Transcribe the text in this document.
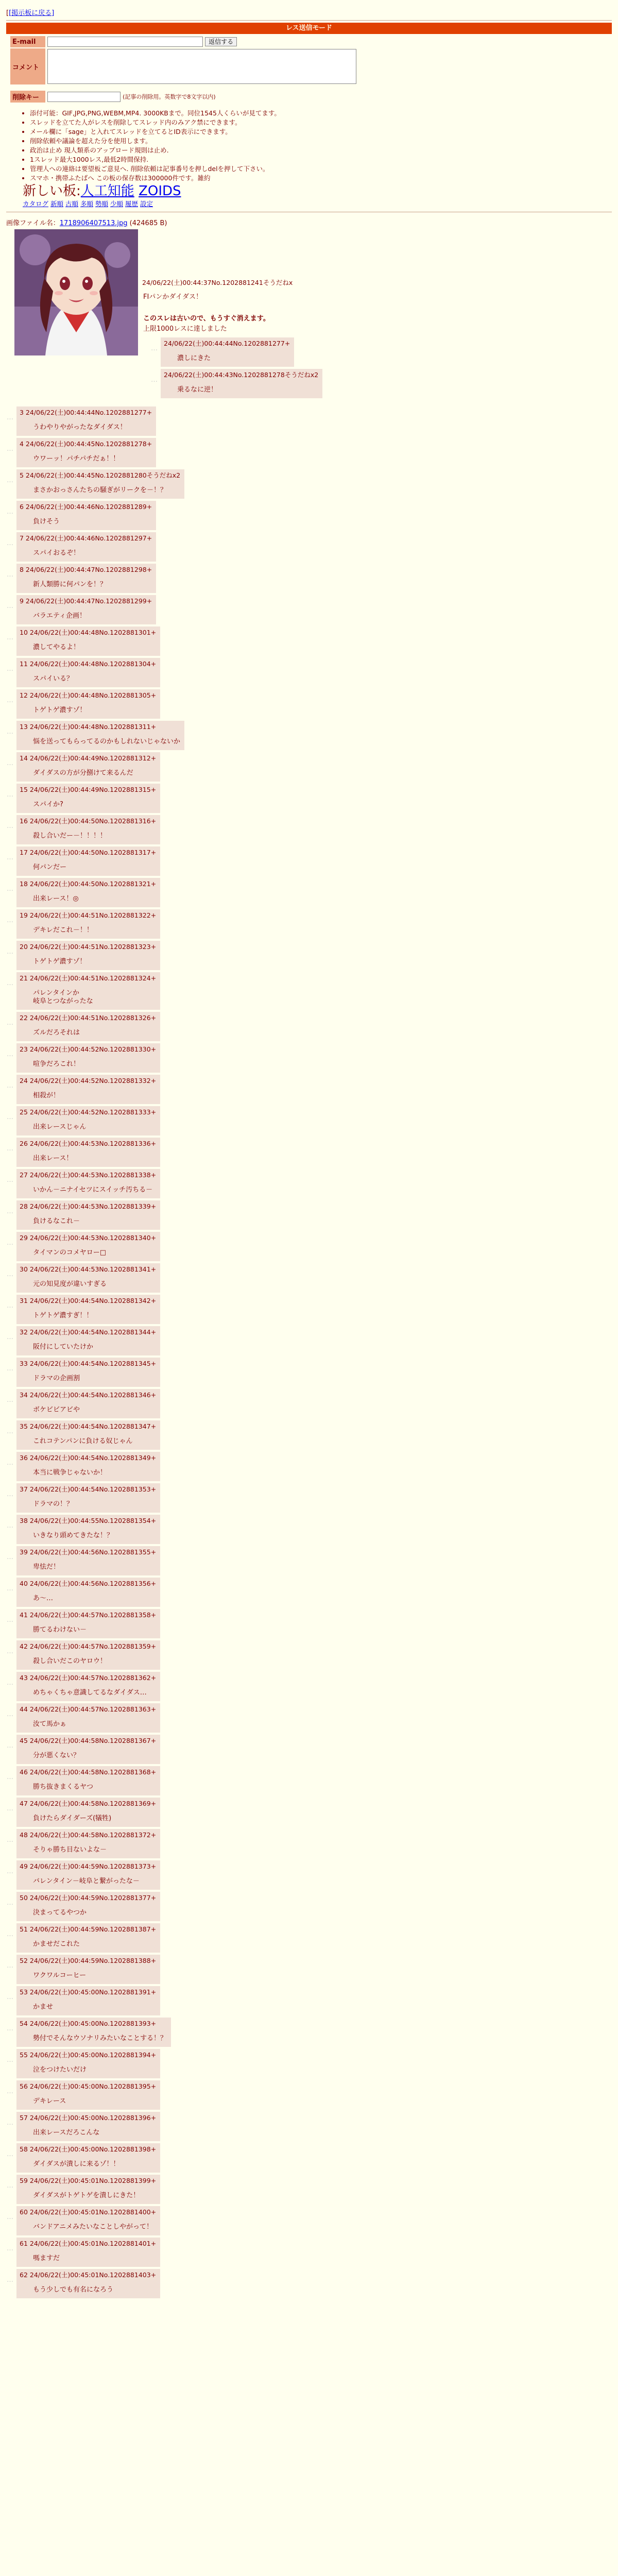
[[掲示板に戻る]
レス送信モード
E-mail	返信する
コメント	

削除キー	(記事の削除用。英数字で8文字以内)
• 添付可能：GIF,JPG,PNG,WEBM,MP4. 3000KBまで。同位1545人くらいが見てます。
• スレッドを立てた人がレスを削除してスレッド内のみアク禁にできます。
• メール欄に「sage」と入れてスレッドを立てるとID表示にできます。
• 削除依頼や議論を超えた分を使用します。
• 政治は止め 現人類系のアップロード規則は止め.
• 1スレッド最大1000レス,最低2時間保持.
• 管理人への連絡は要望板ご意見へ. 削除依頼は記事番号を押しdelを押して下さい。
• スマホ・携帯ふたばへ この板の保存数は300000件です。雑約
新しい板:人工知能 ZOIDS
カタログ 新順 古順 多順 勢順 少順 履歴 設定
画像ファイル名：1718906407513.jpg (424685 B)
24/06/22(土)00:44:37No.1202881241そうだねx
FIパンかダイダス！
このスレは古いので、もうすぐ消えます。
上限1000レスに達しました
…
24/06/22(土)00:44:44No.1202881277+
濃しにきた
…
24/06/22(土)00:44:43No.1202881278そうだねx2
乗るなに逆！
…
3 24/06/22(土)00:44:44No.1202881277+
うわやりやがったなダイダス！
…
4 24/06/22(土)00:44:45No.1202881278+
ウワーッ！パチパチだぁ！！
…
5 24/06/22(土)00:44:45No.1202881280そうだねx2
まさかおっさんたちの騒ぎがリークを－！？
…
6 24/06/22(土)00:44:46No.1202881289+
負けそう
…
7 24/06/22(土)00:44:46No.1202881297+
スパイおるぞ！
…
8 24/06/22(土)00:44:47No.1202881298+
新人類勝に何パンを！？
…
9 24/06/22(土)00:44:47No.1202881299+
バラエティ企画！
…
10 24/06/22(土)00:44:48No.1202881301+
濃してやるよ！
…
11 24/06/22(土)00:44:48No.1202881304+
スパイいる？
…
12 24/06/22(土)00:44:48No.1202881305+
トゲトゲ濃すゾ！
…
13 24/06/22(土)00:44:48No.1202881311+
悩を送ってもらってるのかもしれないじゃないか
…
14 24/06/22(土)00:44:49No.1202881312+
ダイダスの方が分捌けて来るんだ
…
15 24/06/22(土)00:44:49No.1202881315+
スパイか?
…
16 24/06/22(土)00:44:50No.1202881316+
殺し合いだー－！！！！
…
17 24/06/22(土)00:44:50No.1202881317+
何パンだー
…
18 24/06/22(土)00:44:50No.1202881321+
出来レース！◎
…
19 24/06/22(土)00:44:51No.1202881322+
デキレだこれ－！！
…
20 24/06/22(土)00:44:51No.1202881323+
トゲトゲ濃すゾ！
…
21 24/06/22(土)00:44:51No.1202881324+
パレンタインか
岐阜とつながったな
…
22 24/06/22(土)00:44:51No.1202881326+
ズルだろそれは
…
23 24/06/22(土)00:44:52No.1202881330+
喧争だろこれ！
…
24 24/06/22(土)00:44:52No.1202881332+
相殺が！
…
25 24/06/22(土)00:44:52No.1202881333+
出来レースじゃん
…
26 24/06/22(土)00:44:53No.1202881336+
出来レース！
…
27 24/06/22(土)00:44:53No.1202881338+
いかん－ニナイセツにスイッチ汚ちる－
…
28 24/06/22(土)00:44:53No.1202881339+
負けるなこれ－
…
29 24/06/22(土)00:44:53No.1202881340+
タイマンのコメヤロー□
…
30 24/06/22(土)00:44:53No.1202881341+
元の知見度が違いすぎる
…
31 24/06/22(土)00:44:54No.1202881342+
トゲトゲ濃すぎ！！
…
32 24/06/22(土)00:44:54No.1202881344+
阪付にしていたけか
…
33 24/06/22(土)00:44:54No.1202881345+
ドラマの企画割
…
34 24/06/22(土)00:44:54No.1202881346+
ボケビビアビや
…
35 24/06/22(土)00:44:54No.1202881347+
これコテンパンに負ける奴じゃん
…
36 24/06/22(土)00:44:54No.1202881349+
本当に戦争じゃないか！
…
37 24/06/22(土)00:44:54No.1202881353+
ドラマの！？
…
38 24/06/22(土)00:44:55No.1202881354+
いきなり頭めてきたな！？
…
39 24/06/22(土)00:44:56No.1202881355+
卑怯だ！
…
40 24/06/22(土)00:44:56No.1202881356+
あ～…
…
41 24/06/22(土)00:44:57No.1202881358+
勝てるわけない－
…
42 24/06/22(土)00:44:57No.1202881359+
殺し合いだこのヤロウ！
…
43 24/06/22(土)00:44:57No.1202881362+
めちゃくちゃ意識してるなダイダス…
…
44 24/06/22(土)00:44:57No.1202881363+
汝て馬かぁ
…
45 24/06/22(土)00:44:58No.1202881367+
分が悪くない？
…
46 24/06/22(土)00:44:58No.1202881368+
勝ち抜きまくるヤつ
…
47 24/06/22(土)00:44:58No.1202881369+
負けたらダイダーズ(犠牲)
…
48 24/06/22(土)00:44:58No.1202881372+
そりゃ勝ち目ないよな－
…
49 24/06/22(土)00:44:59No.1202881373+
バレンタイン－岐阜と繋がったな－
…
50 24/06/22(土)00:44:59No.1202881377+
決まってるやつか
…
51 24/06/22(土)00:44:59No.1202881387+
かませだこれた
…
52 24/06/22(土)00:44:59No.1202881388+
ワクワルコーヒー
…
53 24/06/22(土)00:45:00No.1202881391+
かませ
…
54 24/06/22(土)00:45:00No.1202881393+
勢付でそんなウソナリみたいなことする！？
…
55 24/06/22(土)00:45:00No.1202881394+
泣をつけたいだけ
…
56 24/06/22(土)00:45:00No.1202881395+
デキレース
…
57 24/06/22(土)00:45:00No.1202881396+
出来レースだろこんな
…
58 24/06/22(土)00:45:00No.1202881398+
ダイダスが潰しに来るゾ！！
…
59 24/06/22(土)00:45:01No.1202881399+
ダイダスがトゲトゲを潰しにきた！
…
60 24/06/22(土)00:45:01No.1202881400+
バンドアニメみたいなことしやがって！
…
61 24/06/22(土)00:45:01No.1202881401+
嗎ますだ
…
62 24/06/22(土)00:45:01No.1202881403+
もう少しでも有名になろう
